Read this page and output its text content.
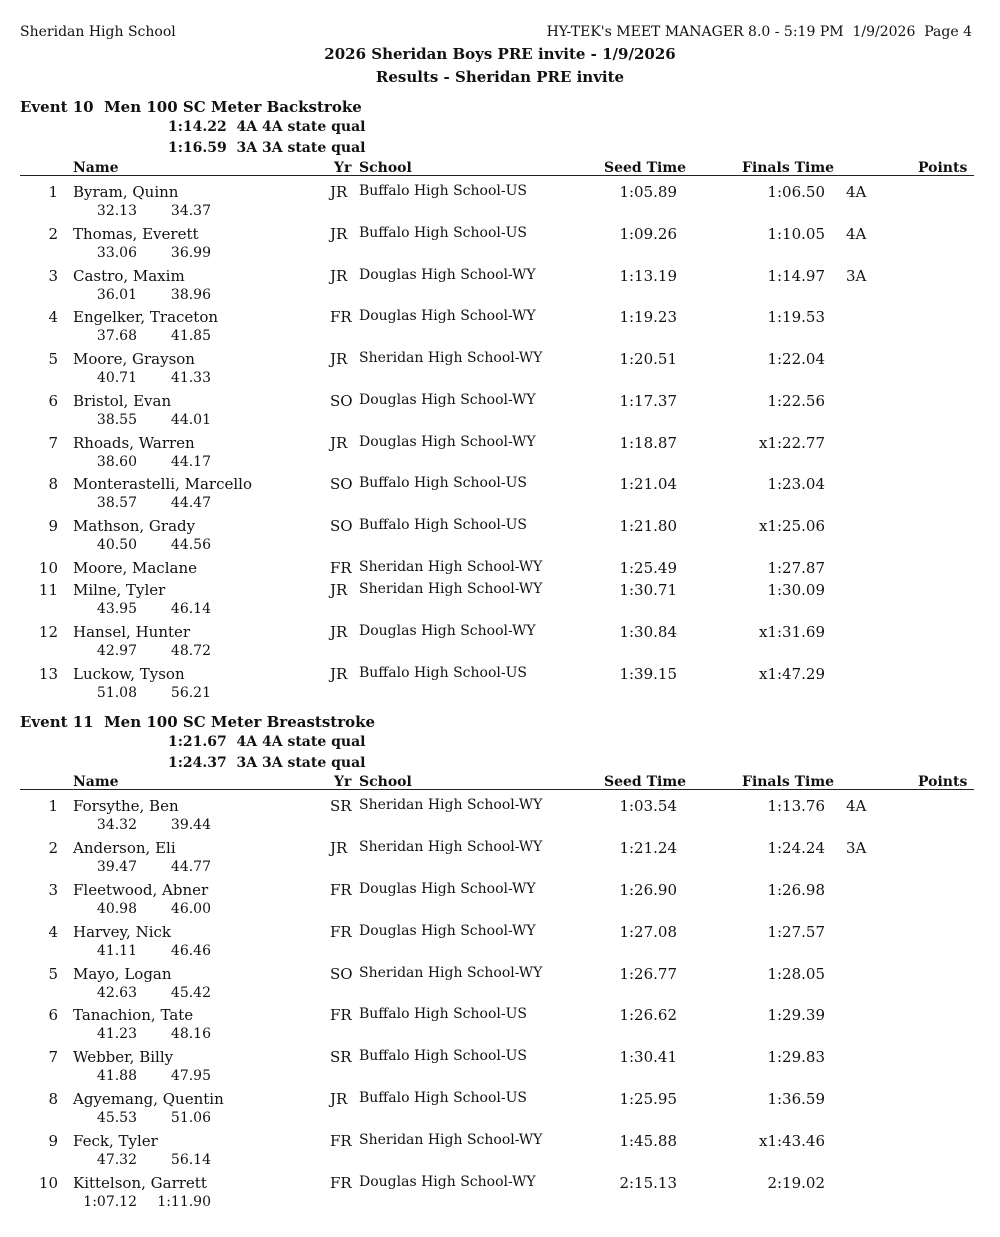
Sheridan High School	HY-TEK's MEET MANAGER 8.0 - 5:19 PM  1/9/2026  Page 4
2026 Sheridan Boys PRE invite - 1/9/2026
Results - Sheridan PRE invite
Event 10  Men 100 SC Meter Backstroke
1:14.22  4A 4A state qual
1:16.59  3A 3A state qual
Name	Yr School	Seed Time	Finals Time	Points
1 Byram, Quinn	JR Buffalo High School-US	1:05.89	1:06.50 4A
32.13 34.37
2 Thomas, Everett	JR Buffalo High School-US	1:09.26	1:10.05 4A
33.06 36.99
3 Castro, Maxim	JR Douglas High School-WY	1:13.19	1:14.97 3A
36.01 38.96
4 Engelker, Traceton	FR Douglas High School-WY	1:19.23	1:19.53
37.68 41.85
5 Moore, Grayson	JR Sheridan High School-WY	1:20.51	1:22.04
40.71 41.33
6 Bristol, Evan	SO Douglas High School-WY	1:17.37	1:22.56
38.55 44.01
7 Rhoads, Warren	JR Douglas High School-WY	1:18.87	x1:22.77
38.60 44.17
8 Monterastelli, Marcello	SO Buffalo High School-US	1:21.04	1:23.04
38.57 44.47
9 Mathson, Grady	SO Buffalo High School-US	1:21.80	x1:25.06
40.50 44.56
10 Moore, Maclane	FR Sheridan High School-WY	1:25.49	1:27.87
11 Milne, Tyler	JR Sheridan High School-WY	1:30.71	1:30.09
43.95 46.14
12 Hansel, Hunter	JR Douglas High School-WY	1:30.84	x1:31.69
42.97 48.72
13 Luckow, Tyson	JR Buffalo High School-US	1:39.15	x1:47.29
51.08 56.21
Event 11  Men 100 SC Meter Breaststroke
1:21.67  4A 4A state qual
1:24.37  3A 3A state qual
Name	Yr School	Seed Time	Finals Time	Points
1 Forsythe, Ben	SR Sheridan High School-WY	1:03.54	1:13.76 4A
34.32 39.44
2 Anderson, Eli	JR Sheridan High School-WY	1:21.24	1:24.24 3A
39.47 44.77
3 Fleetwood, Abner	FR Douglas High School-WY	1:26.90	1:26.98
40.98 46.00
4 Harvey, Nick	FR Douglas High School-WY	1:27.08	1:27.57
41.11 46.46
5 Mayo, Logan	SO Sheridan High School-WY	1:26.77	1:28.05
42.63 45.42
6 Tanachion, Tate	FR Buffalo High School-US	1:26.62	1:29.39
41.23 48.16
7 Webber, Billy	SR Buffalo High School-US	1:30.41	1:29.83
41.88 47.95
8 Agyemang, Quentin	JR Buffalo High School-US	1:25.95	1:36.59
45.53 51.06
9 Feck, Tyler	FR Sheridan High School-WY	1:45.88	x1:43.46
47.32 56.14
10 Kittelson, Garrett	FR Douglas High School-WY	2:15.13	2:19.02
1:07.12 1:11.90
